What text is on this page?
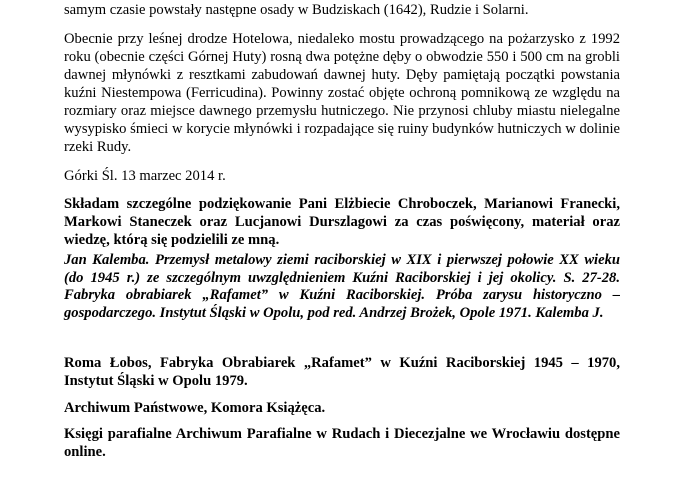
samym czasie powstały następne osady w Budziskach (1642), Rudzie i Solarni.

Obecnie przy leśnej drodze Hotelowa, niedaleko mostu prowadzącego na pożarzysko z 1992 roku (obecnie części Górnej Huty) rosną dwa potężne dęby o obwodzie 550 i 500 cm na grobli dawnej młynówki z resztkami zabudowań dawnej huty. Dęby pamiętają początki powstania kuźni Niestempowa (Ferricudina). Powinny zostać objęte ochroną pomnikową ze względu na rozmiary oraz miejsce dawnego przemysłu hutniczego. Nie przynosi chluby miastu nielegalne wysypisko śmieci w korycie młynówki i rozpadające się ruiny budynków hutniczych w dolinie rzeki Rudy.

Górki Śl. 13 marzec 2014 r.

Składam szczególne podziękowanie Pani Elżbiecie Chroboczek, Marianowi Franecki, Markowi Staneczek oraz Lucjanowi Durszlagowi za czas poświęcony, materiał oraz wiedzę, którą się podzielili ze mną.

Jan Kalemba. Przemysł metalowy ziemi raciborskiej w XIX i pierwszej połowie XX wieku (do 1945 r.) ze szczególnym uwzględnieniem Kuźni Raciborskiej i jej okolicy. S. 27-28. Fabryka obrabiarek „Rafamet” w Kuźni Raciborskiej. Próba zarysu historyczno – gospodarczego. Instytut Śląski w Opolu, pod red. Andrzej Brożek, Opole 1971. Kalemba J.

Roma Łobos, Fabryka Obrabiarek „Rafamet” w Kuźni Raciborskiej 1945 – 1970, Instytut Śląski w Opolu 1979.

Archiwum Państwowe, Komora Książęca.

Księgi parafialne Archiwum Parafialne w Rudach i Diecezjalne we Wrocławiu dostępne online.
